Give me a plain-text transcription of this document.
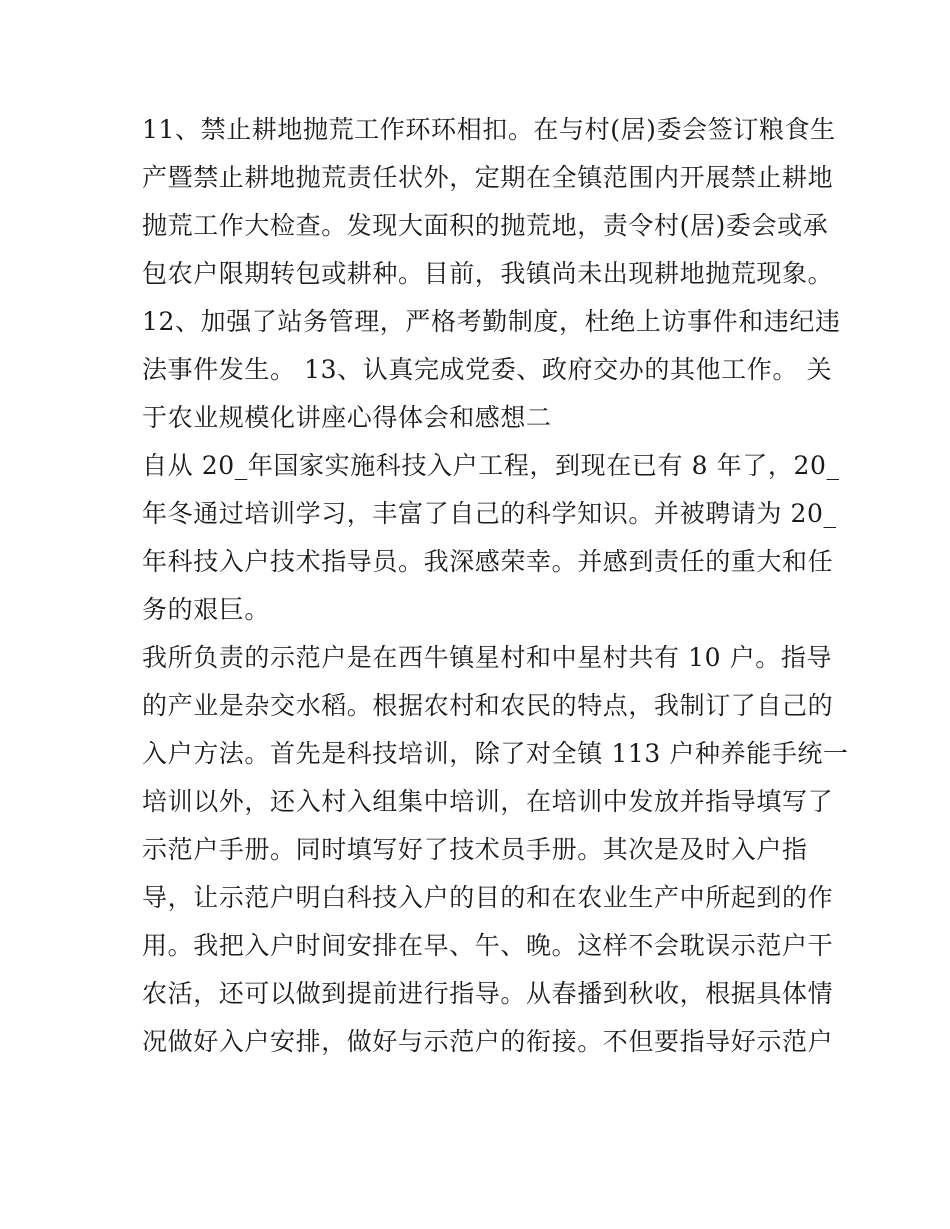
11、禁止耕地抛荒工作环环相扣。在与村(居)委会签订粮食生
产暨禁止耕地抛荒责任状外，定期在全镇范围内开展禁止耕地
抛荒工作大检查。发现大面积的抛荒地，责令村(居)委会或承
包农户限期转包或耕种。目前，我镇尚未出现耕地抛荒现象。
12、加强了站务管理，严格考勤制度，杜绝上访事件和违纪违
法事件发生。 13、认真完成党委、政府交办的其他工作。 关
于农业规模化讲座心得体会和感想二
自从 20_年国家实施科技入户工程，到现在已有 8 年了，20_
年冬通过培训学习，丰富了自己的科学知识。并被聘请为 20_
年科技入户技术指导员。我深感荣幸。并感到责任的重大和任
务的艰巨。
我所负责的示范户是在西牛镇星村和中星村共有 10 户。指导
的产业是杂交水稻。根据农村和农民的特点，我制订了自己的
入户方法。首先是科技培训，除了对全镇 113 户种养能手统一
培训以外，还入村入组集中培训，在培训中发放并指导填写了
示范户手册。同时填写好了技术员手册。其次是及时入户指
导，让示范户明白科技入户的目的和在农业生产中所起到的作
用。我把入户时间安排在早、午、晚。这样不会耽误示范户干
农活，还可以做到提前进行指导。从春播到秋收，根据具体情
况做好入户安排，做好与示范户的衔接。不但要指导好示范户
